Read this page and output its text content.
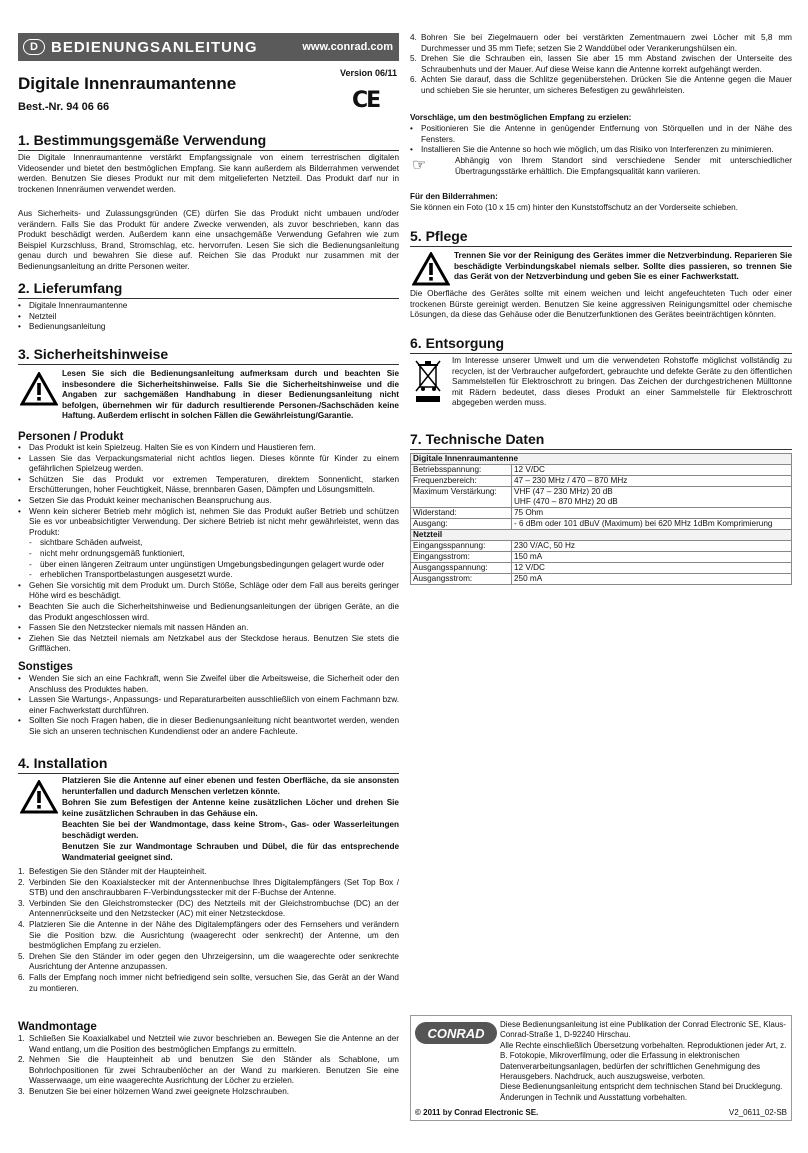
D BEDIENUNGSANLEITUNG	www.conrad.com
Version 06/11
Digitale Innenraumantenne
Best.-Nr. 94 06 66	CE
1. Bestimmungsgemäße Verwendung
Die Digitale Innenraumantenne verstärkt Empfangssignale von einem terrestrischen digitalen Videosender und bietet den bestmöglichen Empfang. Sie kann außerdem als Bilderrahmen verwendet werden. Benutzen Sie dieses Produkt nur mit dem mitgelieferten Netzteil. Das Produkt darf nur in trockenen Innenräumen verwendet werden.
Aus Sicherheits- und Zulassungsgründen (CE) dürfen Sie das Produkt nicht umbauen und/oder verändern. Falls Sie das Produkt für andere Zwecke verwenden, als zuvor beschrieben, kann das Produkt beschädigt werden. Außerdem kann eine unsachgemäße Verwendung Gefahren wie zum Beispiel Kurzschluss, Brand, Stromschlag, etc. hervorrufen. Lesen Sie sich die Bedienungsanleitung genau durch und bewahren Sie diese auf. Reichen Sie das Produkt nur zusammen mit der Bedienungsanleitung an dritte Personen weiter.
2. Lieferumfang
• Digitale Innenraumantenne
• Netzteil
• Bedienungsanleitung
3. Sicherheitshinweise
Lesen Sie sich die Bedienungsanleitung aufmerksam durch und beachten Sie insbesondere die Sicherheitshinweise. Falls Sie die Sicherheitshinweise und die Angaben zur sachgemäßen Handhabung in dieser Bedienungsanleitung nicht befolgen, übernehmen wir für dadurch resultierende Personen-/Sachschäden keine Haftung. Außerdem erlischt in solchen Fällen die Gewährleistung/Garantie.
Personen / Produkt
• Das Produkt ist kein Spielzeug. Halten Sie es von Kindern und Haustieren fern.
• Lassen Sie das Verpackungsmaterial nicht achtlos liegen. Dieses könnte für Kinder zu einem gefährlichen Spielzeug werden.
• Schützen Sie das Produkt vor extremen Temperaturen, direktem Sonnenlicht, starken Erschütterungen, hoher Feuchtigkeit, Nässe, brennbaren Gasen, Dämpfen und Lösungsmitteln.
• Setzen Sie das Produkt keiner mechanischen Beanspruchung aus.
• Wenn kein sicherer Betrieb mehr möglich ist, nehmen Sie das Produkt außer Betrieb und schützen Sie es vor unbeabsichtigter Verwendung. Der sichere Betrieb ist nicht mehr gewährleistet, wenn das Produkt:
- sichtbare Schäden aufweist,
- nicht mehr ordnungsgemäß funktioniert,
- über einen längeren Zeitraum unter ungünstigen Umgebungsbedingungen gelagert wurde oder
- erheblichen Transportbelastungen ausgesetzt wurde.
• Gehen Sie vorsichtig mit dem Produkt um. Durch Stöße, Schläge oder dem Fall aus bereits geringer Höhe wird es beschädigt.
• Beachten Sie auch die Sicherheitshinweise und Bedienungsanleitungen der übrigen Geräte, an die das Produkt angeschlossen wird.
• Fassen Sie den Netzstecker niemals mit nassen Händen an.
• Ziehen Sie das Netzteil niemals am Netzkabel aus der Steckdose heraus. Benutzen Sie stets die Grifflächen.
Sonstiges
• Wenden Sie sich an eine Fachkraft, wenn Sie Zweifel über die Arbeitsweise, die Sicherheit oder den Anschluss des Produktes haben.
• Lassen Sie Wartungs-, Anpassungs- und Reparaturarbeiten ausschließlich von einem Fachmann bzw. einer Fachwerkstatt durchführen.
• Sollten Sie noch Fragen haben, die in dieser Bedienungsanleitung nicht beantwortet werden, wenden Sie sich an unseren technischen Kundendienst oder an andere Fachleute.
4. Installation
Platzieren Sie die Antenne auf einer ebenen und festen Oberfläche, da sie ansonsten herunterfallen und dadurch Menschen verletzen könnte.
Bohren Sie zum Befestigen der Antenne keine zusätzlichen Löcher und drehen Sie keine zusätzlichen Schrauben in das Gehäuse ein.
Beachten Sie bei der Wandmontage, dass keine Strom-, Gas- oder Wasserleitungen beschädigt werden.
Benutzen Sie zur Wandmontage Schrauben und Dübel, die für das entsprechende Wandmaterial geeignet sind.
1. Befestigen Sie den Ständer mit der Haupteinheit.
2. Verbinden Sie den Koaxialstecker mit der Antennenbuchse Ihres Digitalempfängers (Set Top Box / STB) und den anschraubbaren F-Verbindungsstecker mit der F-Buchse der Antenne.
3. Verbinden Sie den Gleichstromstecker (DC) des Netzteils mit der Gleichstrombuchse (DC) an der Antennenrückseite und den Netzstecker (AC) mit einer Netzsteckdose.
4. Platzieren Sie die Antenne in der Nähe des Digitalempfängers oder des Fernsehers und verändern Sie die Position bzw. die Ausrichtung (waagerecht oder senkrecht) der Antenne, um den bestmöglichen Empfang zu erzielen.
5. Drehen Sie den Ständer im oder gegen den Uhrzeigersinn, um die waagerechte oder senkrechte Ausrichtung der Antenne anzupassen.
6. Falls der Empfang noch immer nicht befriedigend sein sollte, versuchen Sie, das Gerät an der Wand zu montieren.
Wandmontage
1. Schließen Sie Koaxialkabel und Netzteil wie zuvor beschrieben an. Bewegen Sie die Antenne an der Wand entlang, um die Position des bestmöglichen Empfangs zu ermitteln.
2. Nehmen Sie die Haupteinheit ab und benutzen Sie den Ständer als Schablone, um Bohrlochpositionen für zwei Schraubenlöcher an der Wand zu markieren. Benutzen Sie eine Wasserwaage, um eine waagerechte Ausrichtung der Löcher zu erzielen.
3. Benutzen Sie bei einer hölzernen Wand zwei geeignete Holzschrauben.
4. Bohren Sie bei Ziegelmauern oder bei verstärkten Zementmauern zwei Löcher mit 5,8 mm Durchmesser und 35 mm Tiefe; setzen Sie 2 Wanddübel oder Verankerungshülsen ein.
5. Drehen Sie die Schrauben ein, lassen Sie aber 15 mm Abstand zwischen der Unterseite des Schraubenhuts und der Mauer. Auf diese Weise kann die Antenne korrekt aufgehängt werden.
6. Achten Sie darauf, dass die Schlitze gegenüberstehen. Drücken Sie die Antenne gegen die Mauer und schieben Sie sie herunter, um sicheres Befestigen zu gewährleisten.
Vorschläge, um den bestmöglichen Empfang zu erzielen:
• Positionieren Sie die Antenne in genügender Entfernung von Störquellen und in der Nähe des Fensters.
• Installieren Sie die Antenne so hoch wie möglich, um das Risiko von Interferenzen zu minimieren.
☞	Abhängig von Ihrem Standort sind verschiedene Sender mit unterschiedlicher Übertragungsstärke erhältlich. Die Empfangsqualität kann variieren.
Für den Bilderrahmen:
Sie können ein Foto (10 x 15 cm) hinter den Kunststoffschutz an der Vorderseite schieben.
5. Pflege
Trennen Sie vor der Reinigung des Gerätes immer die Netzverbindung. Reparieren Sie beschädigte Verbindungskabel niemals selber. Sollte dies passieren, so trennen Sie das Gerät von der Netzverbindung und geben Sie es einer Fachwerkstatt.
Die Oberfläche des Gerätes sollte mit einem weichen und leicht angefeuchteten Tuch oder einer trockenen Bürste gereinigt werden. Benutzen Sie keine aggressiven Reinigungsmittel oder chemische Lösungen, da diese das Gehäuse oder die Benutzerfunktionen des Gerätes beeinträchtigen könnten.
6. Entsorgung
Im Interesse unserer Umwelt und um die verwendeten Rohstoffe möglichst vollständig zu recyclen, ist der Verbraucher aufgefordert, gebrauchte und defekte Geräte zu den öffentlichen Sammelstellen für Elektroschrott zu bringen. Das Zeichen der durchgestrichenen Mülltonne mit Rädern bedeutet, dass dieses Produkt an einer Sammelstelle für Elektroschrott abgegeben werden muss.
7. Technische Daten
Digitale Innenraumantenne	
Betriebsspannung:	12 V/DC
Frequenzbereich:	47 – 230 MHz / 470 – 870 MHz
Maximum Verstärkung:	VHF (47 – 230 MHz) 20 dB
UHF (470 – 870 MHz) 20 dB

Widerstand:	75 Ohm
Ausgang:	- 6 dBm oder 101 dBuV (Maximum) bei 620 MHz 1dBm Komprimierung
Netzteil	
Eingangsspannung:	230 V/AC, 50 Hz
Eingangsstrom:	150 mA
Ausgangsspannung:	12 V/DC
Ausgangsstrom:	250 mA
CONRAD
Diese Bedienungsanleitung ist eine Publikation der Conrad Electronic SE, Klaus-Conrad-Straße 1, D-92240 Hirschau.
Alle Rechte einschließlich Übersetzung vorbehalten. Reproduktionen jeder Art, z. B. Fotokopie, Mikroverfilmung, oder die Erfassung in elektronischen Datenverarbeitungsanlagen, bedürfen der schriftlichen Genehmigung des Herausgebers. Nachdruck, auch auszugsweise, verboten.
Diese Bedienungsanleitung entspricht dem technischen Stand bei Drucklegung. Änderungen in Technik und Ausstattung vorbehalten.
© 2011 by Conrad Electronic SE.	V2_0611_02-SB
